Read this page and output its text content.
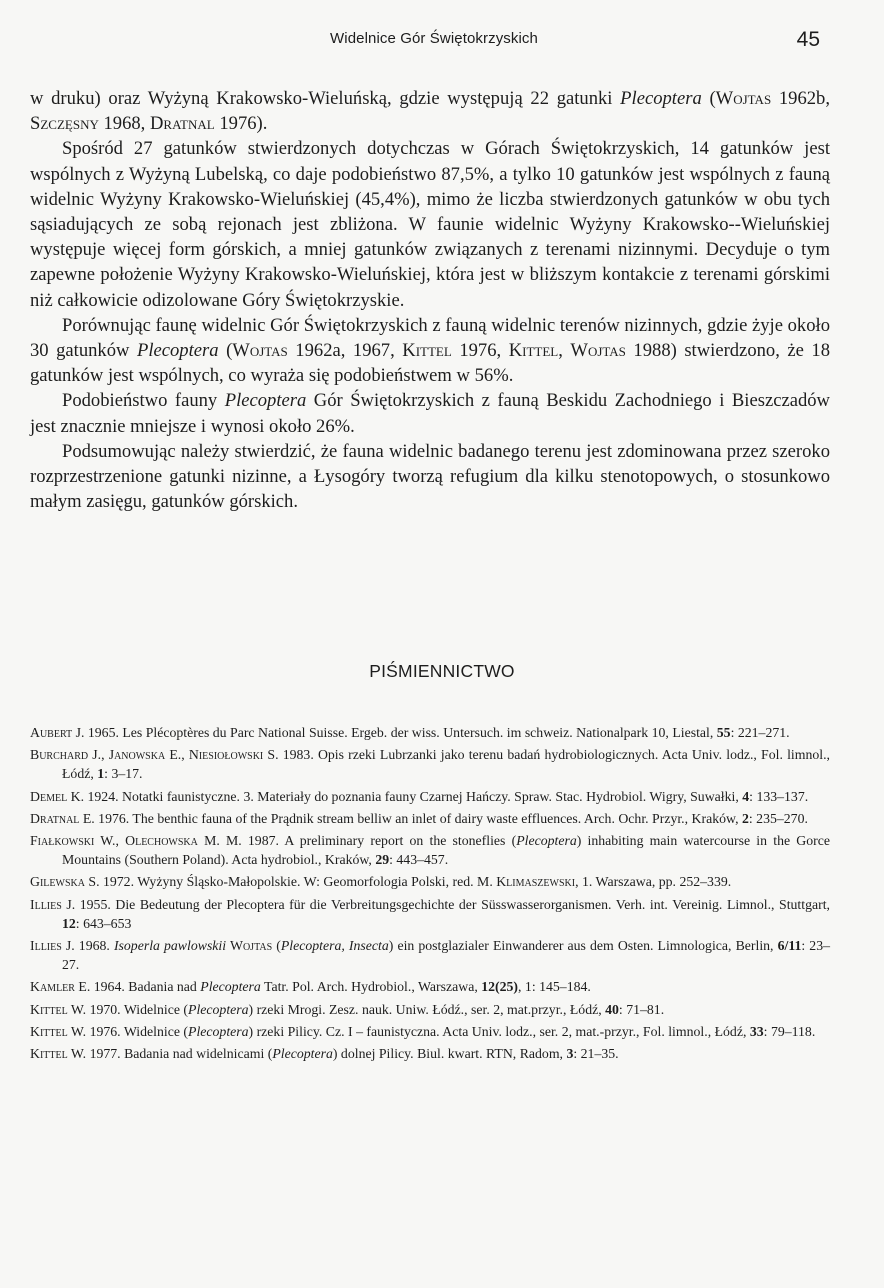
Widelnice Gór Świętokrzyskich	45

w druku) oraz Wyżyną Krakowsko-Wieluńską, gdzie występują 22 gatunki Plecoptera (Wojtas 1962b, Szczęsny 1968, Dratnal 1976).

Spośród 27 gatunków stwierdzonych dotychczas w Górach Świętokrzyskich, 14 gatunków jest wspólnych z Wyżyną Lubelską, co daje podobieństwo 87,5%, a tylko 10 gatunków jest wspólnych z fauną widelnic Wyżyny Krakowsko-Wieluńskiej (45,4%), mimo że liczba stwierdzonych gatunków w obu tych sąsiadujących ze sobą rejonach jest zbliżona. W faunie widelnic Wyżyny Krakowsko--Wieluńskiej występuje więcej form górskich, a mniej gatunków związanych z terenami nizinnymi. Decyduje o tym zapewne położenie Wyżyny Krakowsko-Wieluńskiej, która jest w bliższym kontakcie z terenami górskimi niż całkowicie odizolowane Góry Świętokrzyskie.

Porównując faunę widelnic Gór Świętokrzyskich z fauną widelnic terenów nizinnych, gdzie żyje około 30 gatunków Plecoptera (Wojtas 1962a, 1967, Kittel 1976, Kittel, Wojtas 1988) stwierdzono, że 18 gatunków jest wspólnych, co wyraża się podobieństwem w 56%.

Podobieństwo fauny Plecoptera Gór Świętokrzyskich z fauną Beskidu Zachodniego i Bieszczadów jest znacznie mniejsze i wynosi około 26%.

Podsumowując należy stwierdzić, że fauna widelnic badanego terenu jest zdominowana przez szeroko rozprzestrzenione gatunki nizinne, a Łysogóry tworzą refugium dla kilku stenotopowych, o stosunkowo małym zasięgu, gatunków górskich.

PIŚMIENNICTWO

Aubert J. 1965. Les Plécoptères du Parc National Suisse. Ergeb. der wiss. Untersuch. im schweiz. Nationalpark 10, Liestal, 55: 221–271.

Burchard J., Janowska E., Niesiołowski S. 1983. Opis rzeki Lubrzanki jako terenu badań hydrobiologicznych. Acta Univ. lodz., Fol. limnol., Łódź, 1: 3–17.

Demel K. 1924. Notatki faunistyczne. 3. Materiały do poznania fauny Czarnej Hańczy. Spraw. Stac. Hydrobiol. Wigry, Suwałki, 4: 133–137.

Dratnal E. 1976. The benthic fauna of the Prądnik stream belliw an inlet of dairy waste effluences. Arch. Ochr. Przyr., Kraków, 2: 235–270.

Fiałkowski W., Olechowska M. M. 1987. A preliminary report on the stoneflies (Plecoptera) inhabiting main watercourse in the Gorce Mountains (Southern Poland). Acta hydrobiol., Kraków, 29: 443–457.

Gilewska S. 1972. Wyżyny Śląsko-Małopolskie. W: Geomorfologia Polski, red. M. Klimaszewski, 1. Warszawa, pp. 252–339.

Illies J. 1955. Die Bedeutung der Plecoptera für die Verbreitungsgechichte der Süsswasserorganismen. Verh. int. Vereinig. Limnol., Stuttgart, 12: 643–653

Illies J. 1968. Isoperla pawlowskii Wojtas (Plecoptera, Insecta) ein postglazialer Einwanderer aus dem Osten. Limnologica, Berlin, 6/11: 23–27.

Kamler E. 1964. Badania nad Plecoptera Tatr. Pol. Arch. Hydrobiol., Warszawa, 12(25), 1: 145–184.

Kittel W. 1970. Widelnice (Plecoptera) rzeki Mrogi. Zesz. nauk. Uniw. Łódź., ser. 2, mat.przyr., Łódź, 40: 71–81.

Kittel W. 1976. Widelnice (Plecoptera) rzeki Pilicy. Cz. I – faunistyczna. Acta Univ. lodz., ser. 2, mat.-przyr., Fol. limnol., Łódź, 33: 79–118.

Kittel W. 1977. Badania nad widelnicami (Plecoptera) dolnej Pilicy. Biul. kwart. RTN, Radom, 3: 21–35.
